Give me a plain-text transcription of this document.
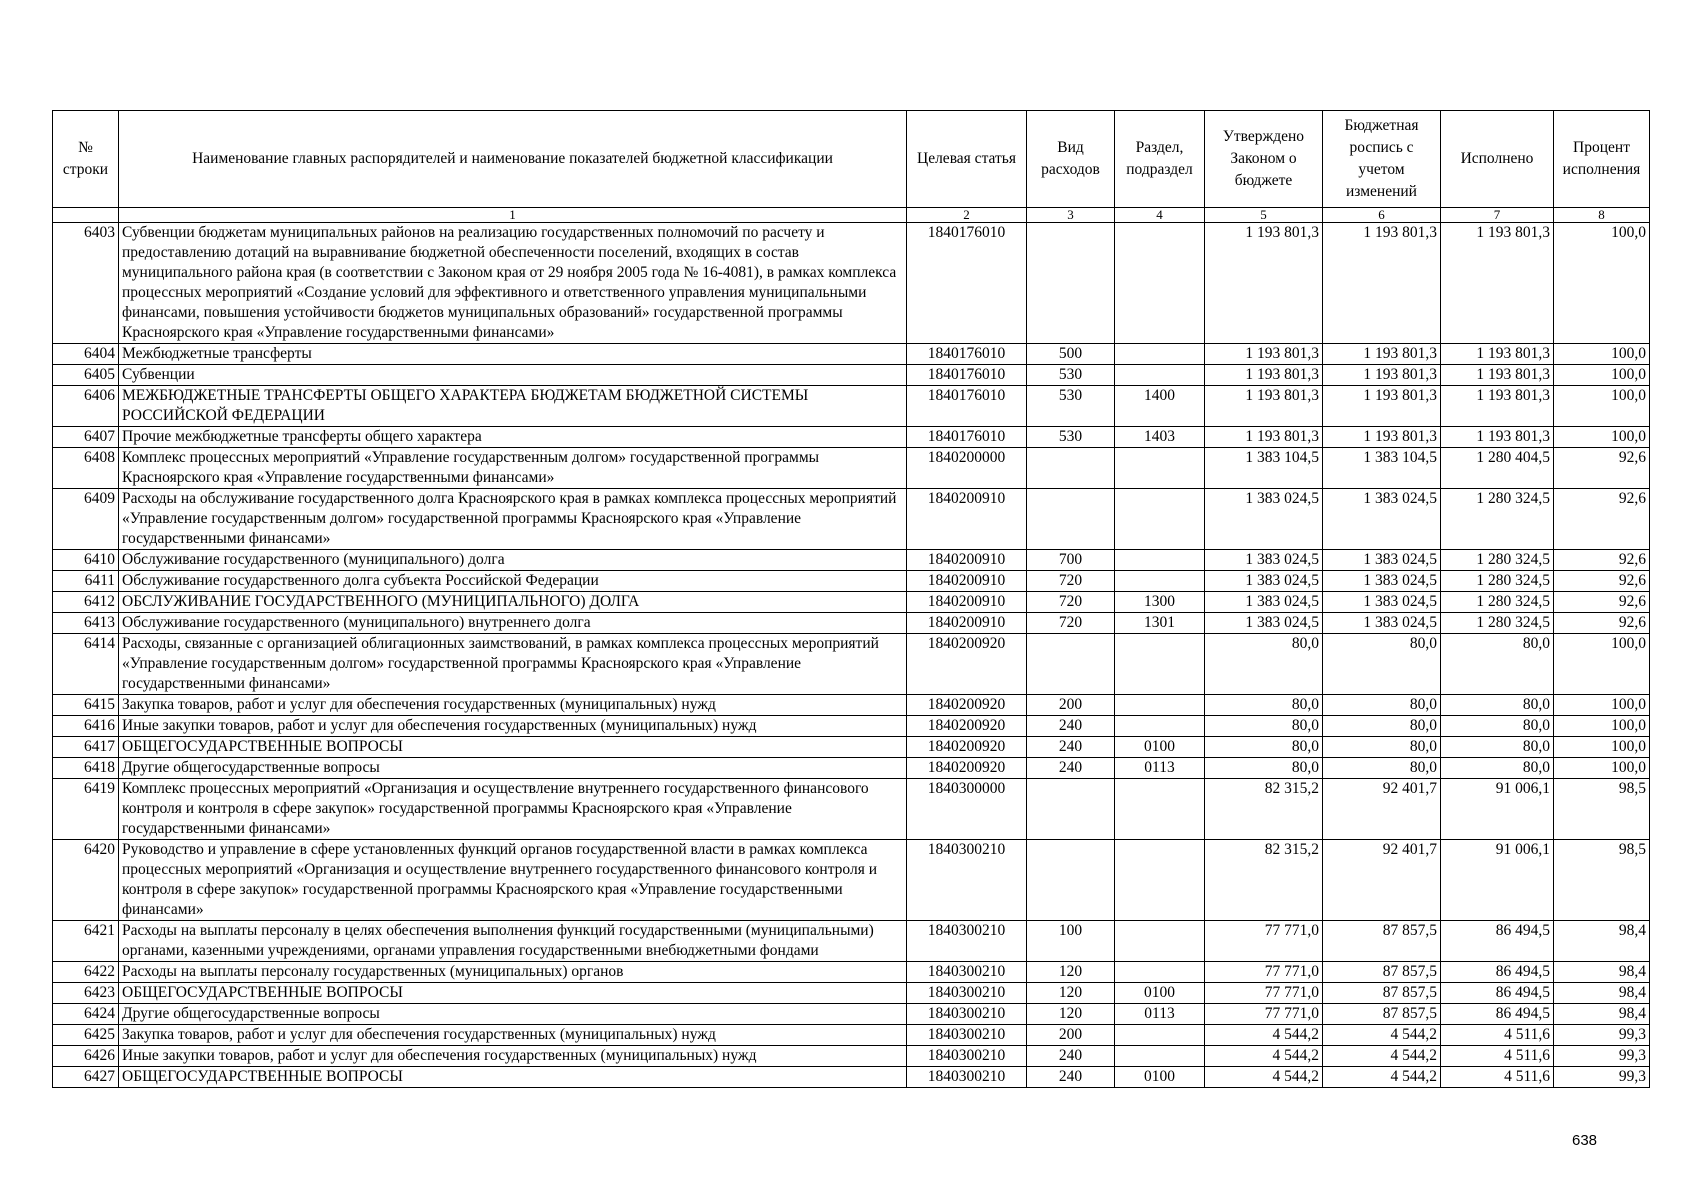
№ строки	Наименование главных распорядителей и наименование показателей бюджетной классификации	Целевая статья	Вид расходов	Раздел, подраздел	Утверждено Законом о бюджете	Бюджетная роспись с учетом изменений	Исполнено	Процент исполнения
	1	2	3	4	5	6	7	8
6403	Субвенции бюджетам муниципальных районов на реализацию государственных полномочий по расчету и предоставлению дотаций на выравнивание бюджетной обеспеченности поселений, входящих в состав муниципального района края (в соответствии с Законом края от 29 ноября 2005 года № 16-4081), в рамках комплекса процессных мероприятий «Создание условий для эффективного и ответственного управления муниципальными финансами, повышения устойчивости бюджетов муниципальных образований» государственной программы Красноярского края «Управление государственными финансами»	1840176010			1 193 801,3	1 193 801,3	1 193 801,3	100,0
6404	Межбюджетные трансферты	1840176010	500		1 193 801,3	1 193 801,3	1 193 801,3	100,0
6405	Субвенции	1840176010	530		1 193 801,3	1 193 801,3	1 193 801,3	100,0
6406	МЕЖБЮДЖЕТНЫЕ ТРАНСФЕРТЫ ОБЩЕГО ХАРАКТЕРА БЮДЖЕТАМ БЮДЖЕТНОЙ СИСТЕМЫ РОССИЙСКОЙ ФЕДЕРАЦИИ	1840176010	530	1400	1 193 801,3	1 193 801,3	1 193 801,3	100,0
6407	Прочие межбюджетные трансферты общего характера	1840176010	530	1403	1 193 801,3	1 193 801,3	1 193 801,3	100,0
6408	Комплекс процессных мероприятий «Управление государственным долгом» государственной программы Красноярского края «Управление государственными финансами»	1840200000			1 383 104,5	1 383 104,5	1 280 404,5	92,6
6409	Расходы на обслуживание государственного долга Красноярского края в рамках комплекса процессных мероприятий «Управление государственным долгом» государственной программы Красноярского края «Управление государственными финансами»	1840200910			1 383 024,5	1 383 024,5	1 280 324,5	92,6
6410	Обслуживание государственного (муниципального) долга	1840200910	700		1 383 024,5	1 383 024,5	1 280 324,5	92,6
6411	Обслуживание государственного долга субъекта Российской Федерации	1840200910	720		1 383 024,5	1 383 024,5	1 280 324,5	92,6
6412	ОБСЛУЖИВАНИЕ ГОСУДАРСТВЕННОГО (МУНИЦИПАЛЬНОГО) ДОЛГА	1840200910	720	1300	1 383 024,5	1 383 024,5	1 280 324,5	92,6
6413	Обслуживание государственного (муниципального) внутреннего долга	1840200910	720	1301	1 383 024,5	1 383 024,5	1 280 324,5	92,6
6414	Расходы, связанные с организацией облигационных заимствований, в рамках комплекса процессных мероприятий «Управление государственным долгом» государственной программы Красноярского края «Управление государственными финансами»	1840200920			80,0	80,0	80,0	100,0
6415	Закупка товаров, работ и услуг для обеспечения государственных (муниципальных) нужд	1840200920	200		80,0	80,0	80,0	100,0
6416	Иные закупки товаров, работ и услуг для обеспечения государственных (муниципальных) нужд	1840200920	240		80,0	80,0	80,0	100,0
6417	ОБЩЕГОСУДАРСТВЕННЫЕ ВОПРОСЫ	1840200920	240	0100	80,0	80,0	80,0	100,0
6418	Другие общегосударственные вопросы	1840200920	240	0113	80,0	80,0	80,0	100,0
6419	Комплекс процессных мероприятий «Организация и осуществление внутреннего государственного финансового контроля и контроля в сфере закупок» государственной программы Красноярского края «Управление государственными финансами»	1840300000			82 315,2	92 401,7	91 006,1	98,5
6420	Руководство и управление в сфере установленных функций органов государственной власти в рамках комплекса процессных мероприятий «Организация и осуществление внутреннего государственного финансового контроля и контроля в сфере закупок» государственной программы Красноярского края «Управление государственными финансами»	1840300210			82 315,2	92 401,7	91 006,1	98,5
6421	Расходы на выплаты персоналу в целях обеспечения выполнения функций государственными (муниципальными) органами, казенными учреждениями, органами управления государственными внебюджетными фондами	1840300210	100		77 771,0	87 857,5	86 494,5	98,4
6422	Расходы на выплаты персоналу государственных (муниципальных) органов	1840300210	120		77 771,0	87 857,5	86 494,5	98,4
6423	ОБЩЕГОСУДАРСТВЕННЫЕ ВОПРОСЫ	1840300210	120	0100	77 771,0	87 857,5	86 494,5	98,4
6424	Другие общегосударственные вопросы	1840300210	120	0113	77 771,0	87 857,5	86 494,5	98,4
6425	Закупка товаров, работ и услуг для обеспечения государственных (муниципальных) нужд	1840300210	200		4 544,2	4 544,2	4 511,6	99,3
6426	Иные закупки товаров, работ и услуг для обеспечения государственных (муниципальных) нужд	1840300210	240		4 544,2	4 544,2	4 511,6	99,3
6427	ОБЩЕГОСУДАРСТВЕННЫЕ ВОПРОСЫ	1840300210	240	0100	4 544,2	4 544,2	4 511,6	99,3
638
